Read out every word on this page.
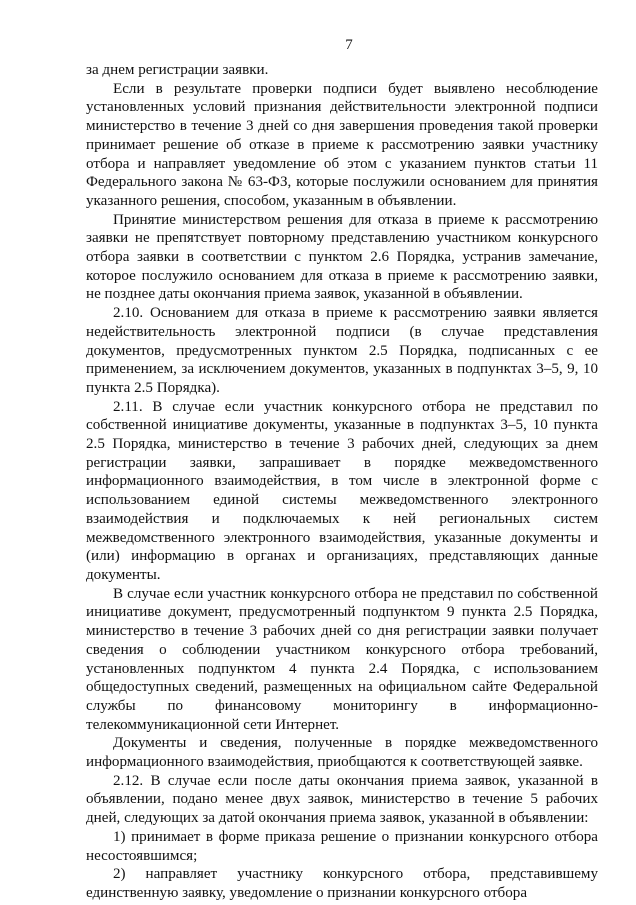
7

за днем регистрации заявки.

Если в результате проверки подписи будет выявлено несоблюдение установленных условий признания действительности электронной подписи министерство в течение 3 дней со дня завершения проведения такой проверки принимает решение об отказе в приеме к рассмотрению заявки участнику отбора и направляет уведомление об этом с указанием пунктов статьи 11 Федерального закона № 63-ФЗ, которые послужили основанием для принятия указанного решения, способом, указанным в объявлении.

Принятие министерством решения для отказа в приеме к рассмотрению заявки не препятствует повторному представлению участником конкурсного отбора заявки в соответствии с пунктом 2.6 Порядка, устранив замечание, которое послужило основанием для отказа в приеме к рассмотрению заявки, не позднее даты окончания приема заявок, указанной в объявлении.

2.10. Основанием для отказа в приеме к рассмотрению заявки является недействительность электронной подписи (в случае представления документов, предусмотренных пунктом 2.5 Порядка, подписанных с ее применением, за исключением документов, указанных в подпунктах 3–5, 9, 10 пункта 2.5 Порядка).

2.11. В случае если участник конкурсного отбора не представил по собственной инициативе документы, указанные в подпунктах 3–5, 10 пункта 2.5 Порядка, министерство в течение 3 рабочих дней, следующих за днем регистрации заявки, запрашивает в порядке межведомственного информационного взаимодействия, в том числе в электронной форме с использованием единой системы межведомственного электронного взаимодействия и подключаемых к ней региональных систем межведомственного электронного взаимодействия, указанные документы и (или) информацию в органах и организациях, представляющих данные документы.

В случае если участник конкурсного отбора не представил по собственной инициативе документ, предусмотренный подпунктом 9 пункта 2.5 Порядка, министерство в течение 3 рабочих дней со дня регистрации заявки получает сведения о соблюдении участником конкурсного отбора требований, установленных подпунктом 4 пункта 2.4 Порядка, с использованием общедоступных сведений, размещенных на официальном сайте Федеральной службы по финансовому мониторингу в информационно-телекоммуникационной сети Интернет.

Документы и сведения, полученные в порядке межведомственного информационного взаимодействия, приобщаются к соответствующей заявке.

2.12. В случае если после даты окончания приема заявок, указанной в объявлении, подано менее двух заявок, министерство в течение 5 рабочих дней, следующих за датой окончания приема заявок, указанной в объявлении:

1) принимает в форме приказа решение о признании конкурсного отбора несостоявшимся;

2) направляет участнику конкурсного отбора, представившему единственную заявку, уведомление о признании конкурсного отбора
